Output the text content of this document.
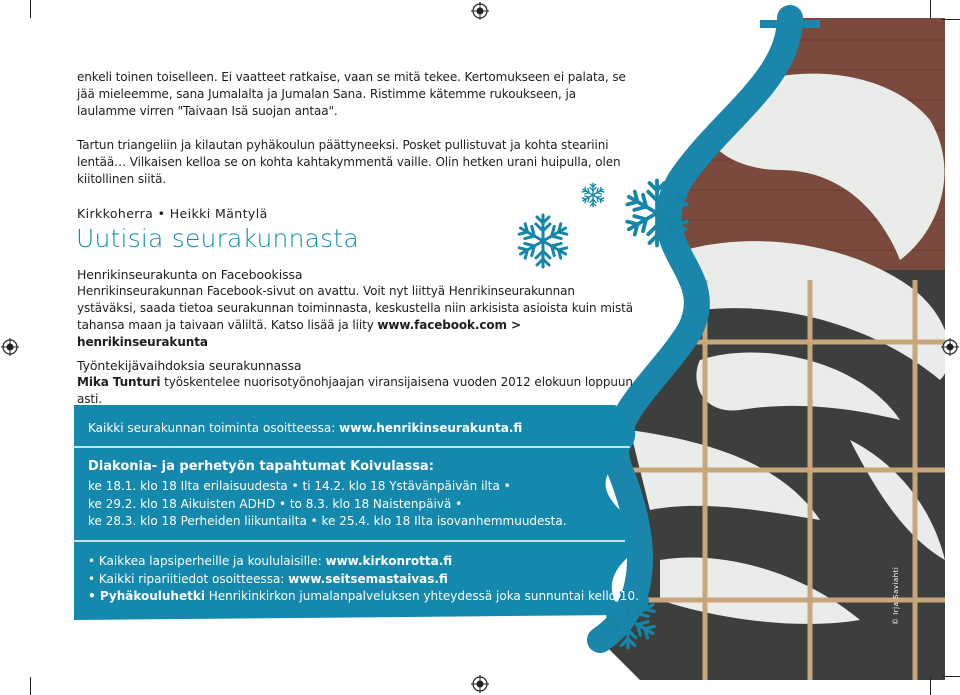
enkeli toinen toiselleen. Ei vaatteet ratkaise, vaan se mitä tekee. Kertomukseen ei palata, se jää mieleemme, sana Jumalalta ja Jumalan Sana. Ristimme kätemme rukoukseen, ja laulamme virren "Taivaan Isä suojan antaa".

Tartun triangeliin ja kilautan pyhäkoulun päättyneeksi. Posket pullistuvat ja kohta steariini lentää… Vilkaisen kelloa se on kohta kahtakymmentä vaille. Olin hetken urani huipulla, olen kiitollinen siitä.

Kirkkoherra • Heikki Mäntylä
Uutisia seurakunnasta
Henrikinseurakunta on Facebookissa

Henrikinseurakunnan Facebook-sivut on avattu. Voit nyt liittyä Henrikinseurakunnan ystäväksi, saada tietoa seurakunnan toiminnasta, keskustella niin arkisista asioista kuin mistä tahansa maan ja taivaan väliltä. Katso lisää ja liity www.facebook.com > henrikinseurakunta

Työntekijävaihdoksia seurakunnassa

Mika Tunturi työskentelee nuorisotyönohjaajan viransijaisena vuoden 2012 elokuun loppuun asti.

Kaikki seurakunnan toiminta osoitteessa: www.henrikinseurakunta.fi
Diakonia- ja perhetyön tapahtumat Koivulassa:

ke 18.1. klo 18 Ilta erilaisuudesta • ti 14.2. klo 18 Ystävänpäivän ilta •

ke 29.2. klo 18 Aikuisten ADHD • to 8.3. klo 18 Naistenpäivä •

ke 28.3. klo 18 Perheiden liikuntailta • ke 25.4. klo 18 Ilta isovanhemmuudesta.

• Kaikkea lapsiperheille ja koululaisille: www.kirkonrotta.fi

• Kaikki ripariitiedot osoitteessa: www.seitsemastaivas.fi

• Pyhäkouluhetki Henrikinkirkon jumalanpalveluksen yhteydessä joka sunnuntai kello 10.	© Irja Saviahti
